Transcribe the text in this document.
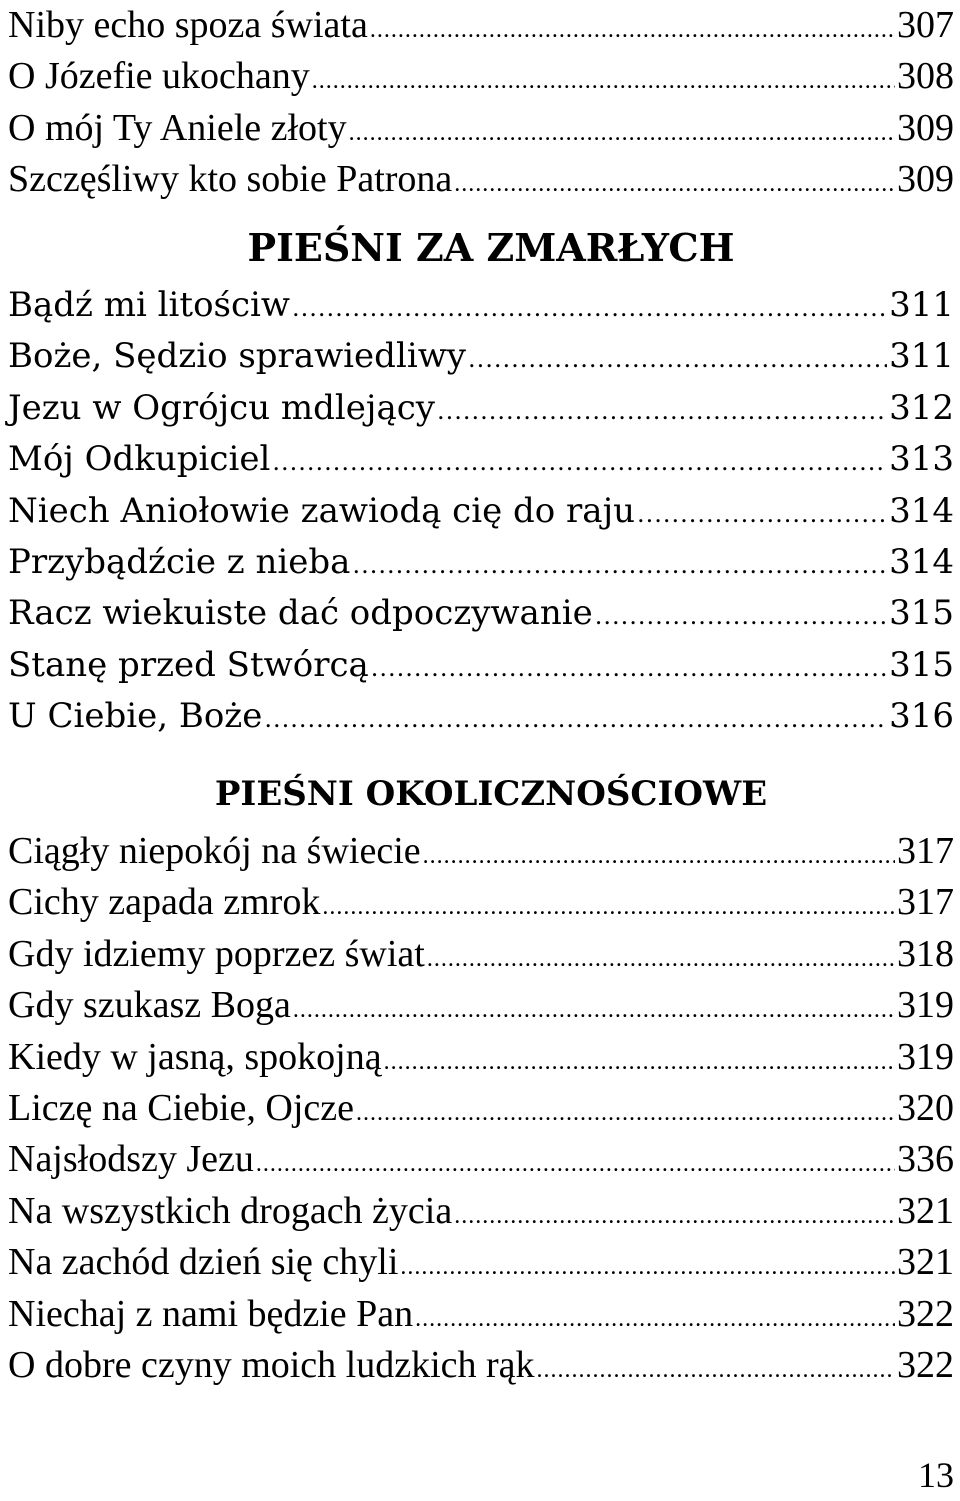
Niby echo spoza świata .....	307
O Józefie ukochany .....	308
O mój Ty Aniele złoty .....	309
Szczęśliwy kto sobie Patrona .....	309
PIEŚNI ZA ZMARŁYCH
Bądź mi litościw .....	311
Boże, Sędzio sprawiedliwy .....	311
Jezu w Ogrójcu mdlejący .....	312
Mój Odkupiciel .....	313
Niech Aniołowie zawiodą cię do raju .....	314
Przybądźcie z nieba .....	314
Racz wiekuiste dać odpoczywanie .....	315
Stanę przed Stwórcą .....	315
U Ciebie, Boże .....	316
PIEŚNI OKOLICZNOŚCIOWE
Ciągły niepokój na świecie .....	317
Cichy zapada zmrok .....	317
Gdy idziemy poprzez świat .....	318
Gdy szukasz Boga .....	319
Kiedy w jasną, spokojną .....	319
Liczę na Ciebie, Ojcze .....	320
Najsłodszy Jezu .....	336
Na wszystkich drogach życia .....	321
Na zachód dzień się chyli .....	321
Niechaj z nami będzie Pan .....	322
O dobre czyny moich ludzkich rąk .....	322
13
